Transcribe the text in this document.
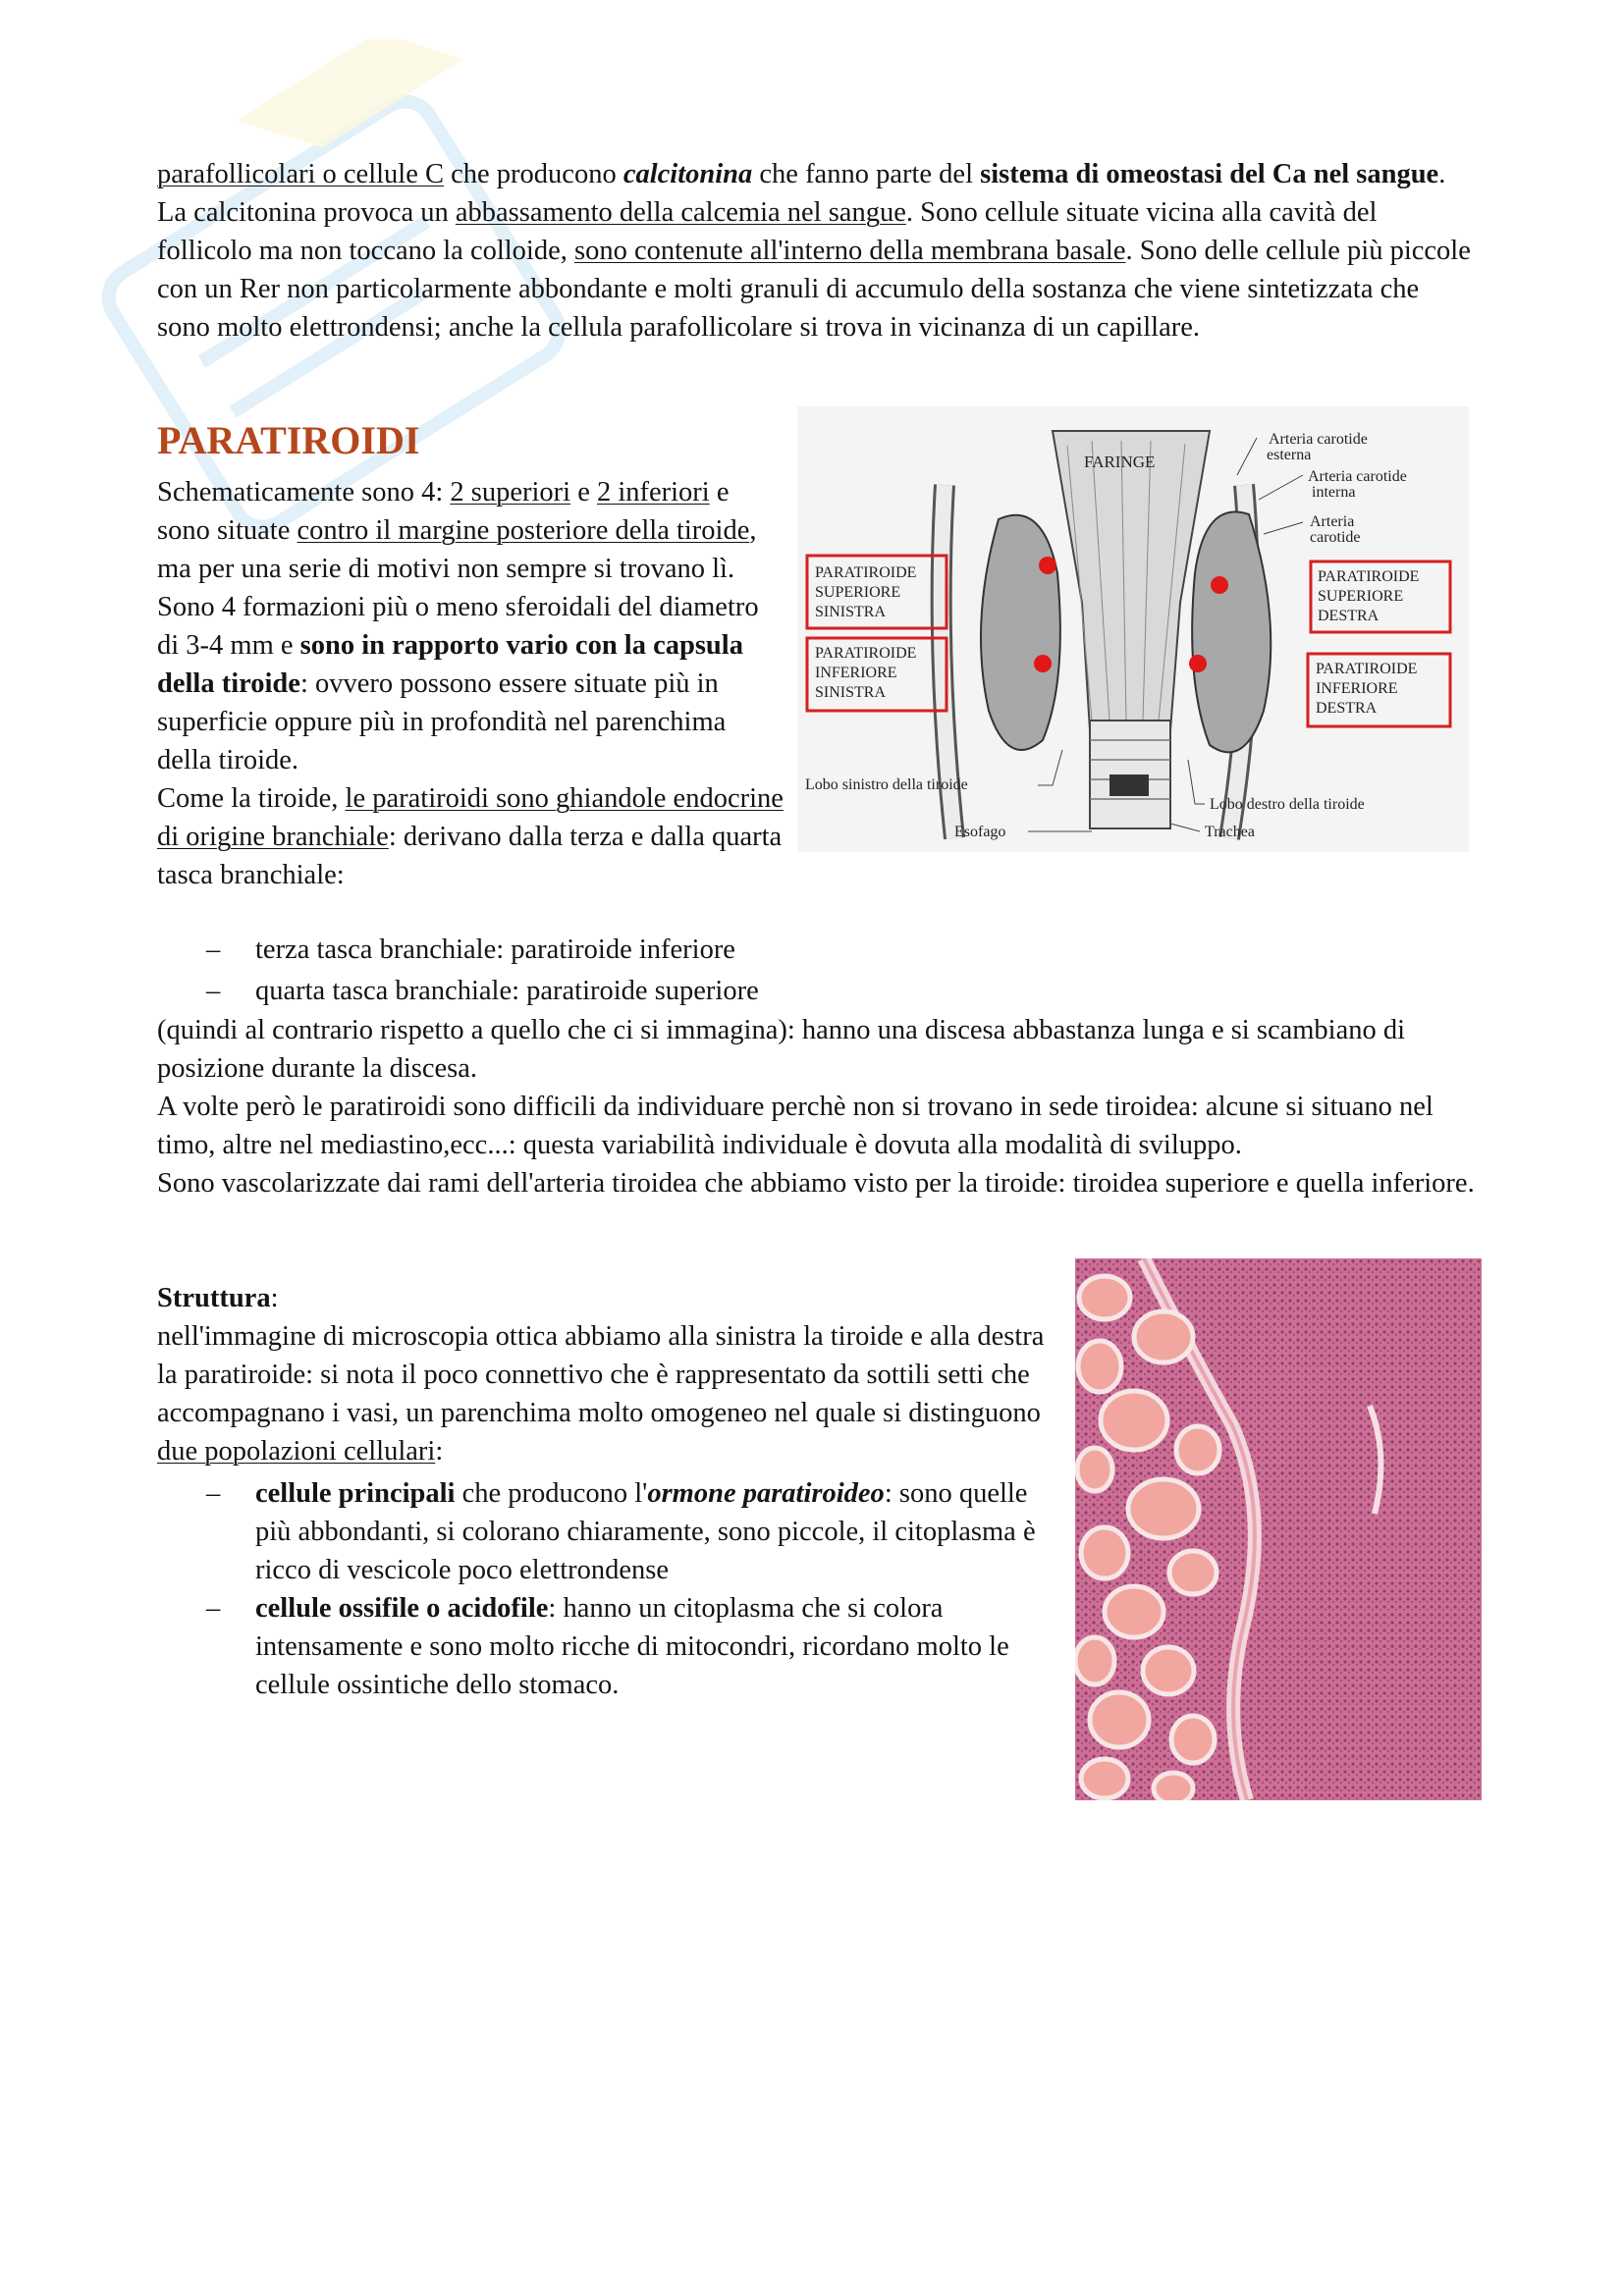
parafollicolari o cellule C che producono calcitonina che fanno parte del sistema di omeostasi del Ca nel sangue. La calcitonina provoca un abbassamento della calcemia nel sangue. Sono cellule situate vicina alla cavità del follicolo ma non toccano la colloide, sono contenute all'interno della membrana basale. Sono delle cellule più piccole con un Rer non particolarmente abbondante e molti granuli di accumulo della sostanza che viene sintetizzata che sono molto elettrondensi; anche la cellula parafollicolare si trova in vicinanza di un capillare.

PARATIROIDI

Schematicamente sono 4: 2 superiori e 2 inferiori e sono situate contro il margine posteriore della tiroide, ma per una serie di motivi non sempre si trovano lì.

Sono 4 formazioni più o meno sferoidali del diametro di 3-4 mm e sono in rapporto vario con la capsula della tiroide: ovvero possono essere situate più in superficie oppure più in profondità nel parenchima della tiroide.

Come la tiroide, le paratiroidi sono ghiandole endocrine di origine branchiale: derivano dalla terza e dalla quarta tasca branchiale:

– terza tasca branchiale: paratiroide inferiore
– quarta tasca branchiale: paratiroide superiore

(quindi al contrario rispetto a quello che ci si immagina): hanno una discesa abbastanza lunga e si scambiano di posizione durante la discesa.

A volte però le paratiroidi sono difficili da individuare perchè non si trovano in sede tiroidea: alcune si situano nel timo, altre nel mediastino,ecc...: questa variabilità individuale è dovuta alla modalità di sviluppo.

Sono vascolarizzate dai rami dell'arteria tiroidea che abbiamo visto per la tiroide: tiroidea superiore e quella inferiore.

Struttura:

nell'immagine di microscopia ottica abbiamo alla sinistra la tiroide e alla destra la paratiroide: si nota il poco connettivo che è rappresentato da sottili setti che accompagnano i vasi, un parenchima molto omogeneo nel quale si distinguono due popolazioni cellulari:

– cellule principali che producono l'ormone paratiroideo: sono quelle più abbondanti, si colorano chiaramente, sono piccole, il citoplasma è ricco di vescicole poco elettrondense
– cellule ossifile o acidofile: hanno un citoplasma che si colora intensamente e sono molto ricche di mitocondri, ricordano molto le cellule ossintiche dello stomaco.
FARINGE
Arteria carotide
esterna
Arteria carotide
interna
Arteria
carotide
PARATIROIDE
SUPERIORE
SINISTRA
PARATIROIDE
INFERIORE
SINISTRA
PARATIROIDE
SUPERIORE
DESTRA
PARATIROIDE
INFERIORE
DESTRA
Lobo sinistro della tiroide
Esofago
Lobo destro della tiroide
Trachea
